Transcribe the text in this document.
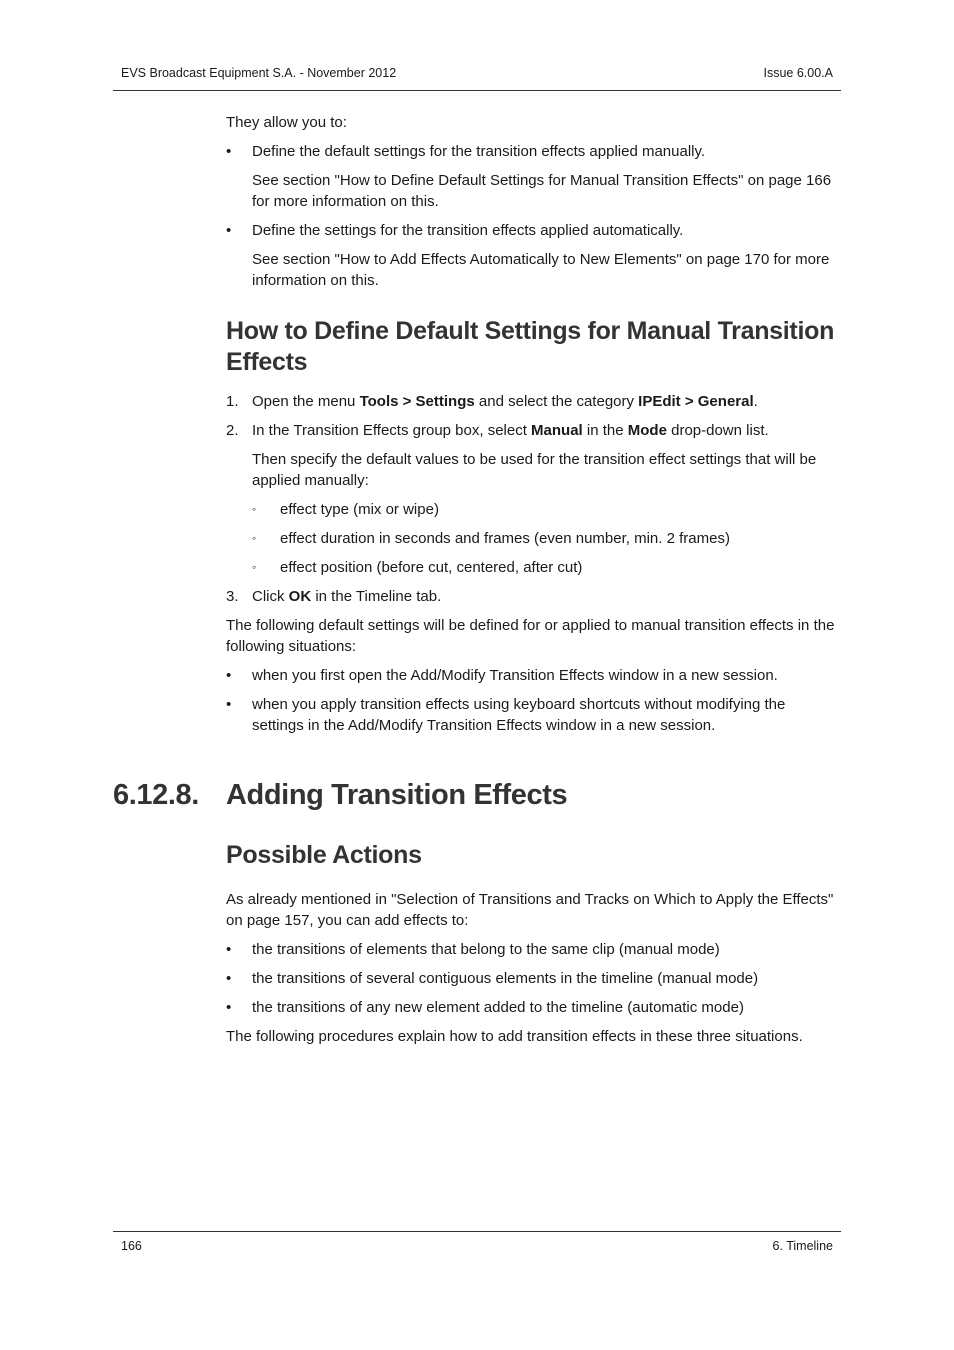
EVS Broadcast Equipment S.A. - November 2012	Issue 6.00.A

They allow you to:

• Define the default settings for the transition effects applied manually.
See section "How to Define Default Settings for Manual Transition Effects" on page 166 for more information on this.
• Define the settings for the transition effects applied automatically.
See section "How to Add Effects Automatically to New Elements" on page 170 for more information on this.
How to Define Default Settings for Manual Transition Effects
1. Open the menu Tools > Settings and select the category IPEdit > General.
2. In the Transition Effects group box, select Manual in the Mode drop-down list.
Then specify the default values to be used for the transition effect settings that will be applied manually:
◦ effect type (mix or wipe)
◦ effect duration in seconds and frames (even number, min. 2 frames)
◦ effect position (before cut, centered, after cut)
3. Click OK in the Timeline tab.

The following default settings will be defined for or applied to manual transition effects in the following situations:

• when you first open the Add/Modify Transition Effects window in a new session.
• when you apply transition effects using keyboard shortcuts without modifying the settings in the Add/Modify Transition Effects window in a new session.
6.12.8. Adding Transition Effects
Possible Actions

As already mentioned in "Selection of Transitions and Tracks on Which to Apply the Effects" on page 157, you can add effects to:

• the transitions of elements that belong to the same clip (manual mode)
• the transitions of several contiguous elements in the timeline (manual mode)
• the transitions of any new element added to the timeline (automatic mode)

The following procedures explain how to add transition effects in these three situations.

166	6. Timeline
